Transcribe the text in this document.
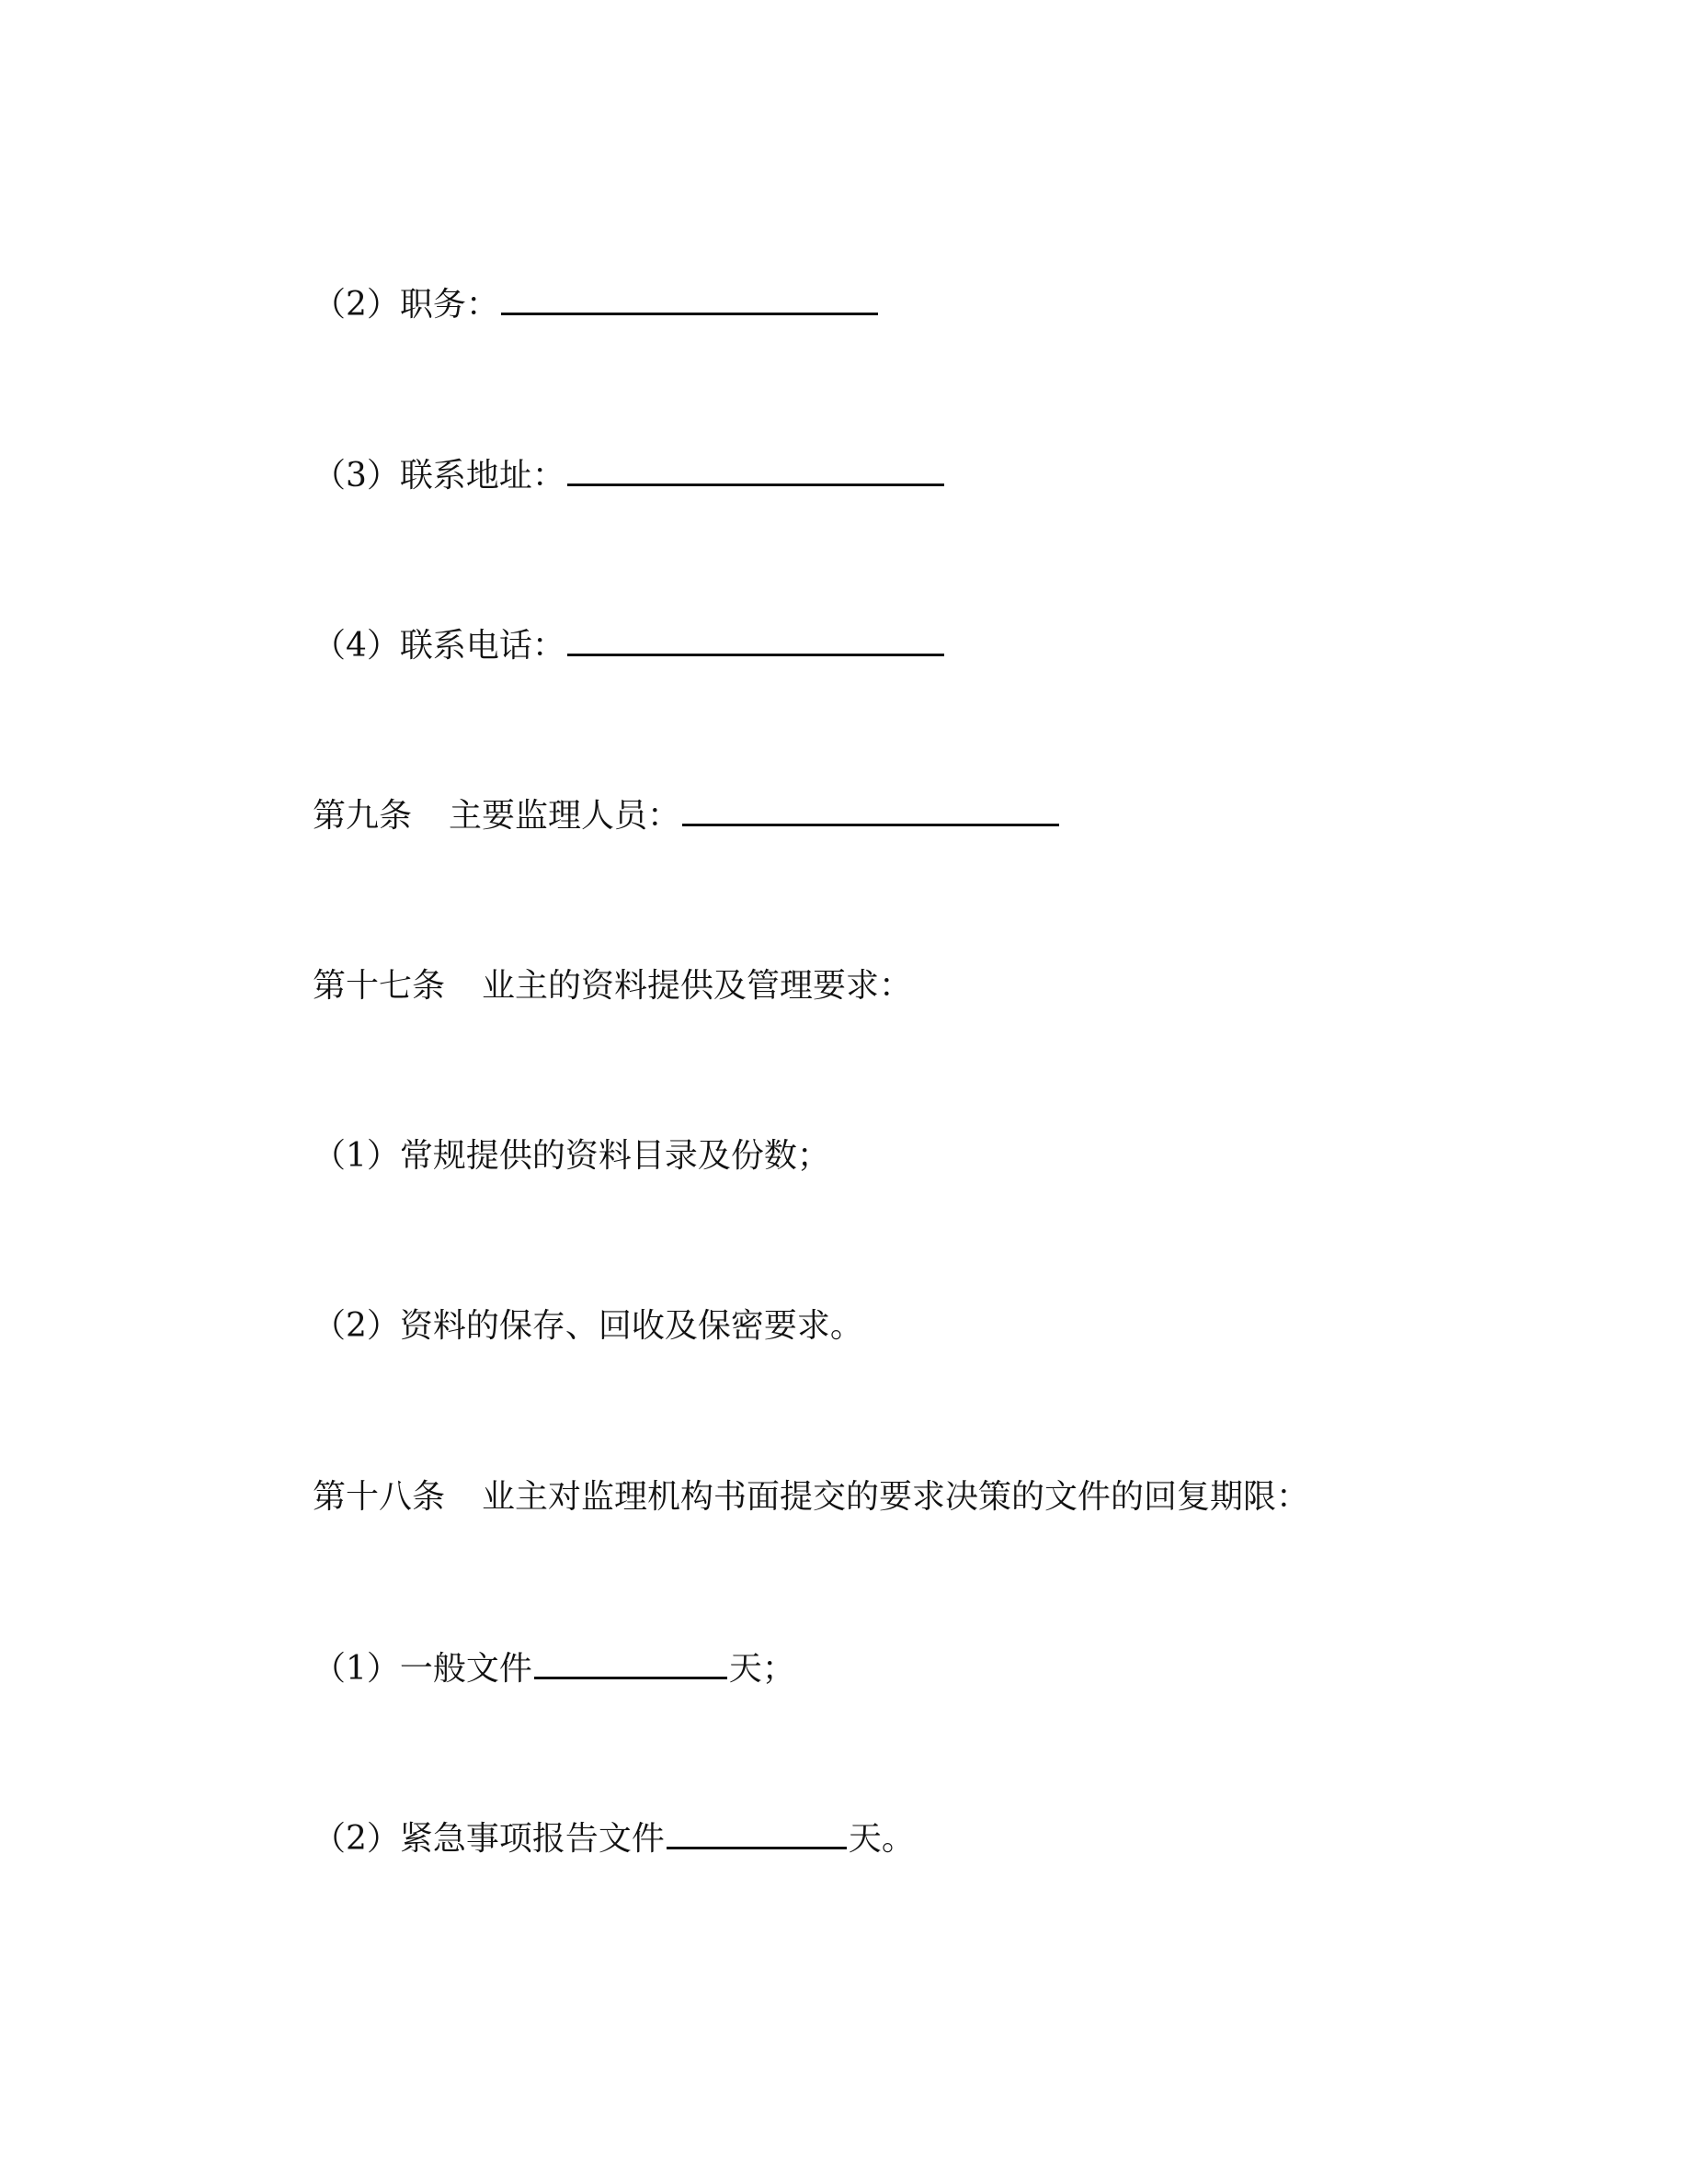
（2）职务：
（3）联系地址：
（4）联系电话：
第九条 主要监理人员：
第十七条 业主的资料提供及管理要求：
（1）常规提供的资料目录及份数；
（2）资料的保存、回收及保密要求。
第十八条 业主对监理机构书面提交的要求决策的文件的回复期限：
（1）一般文件	天；
（2）紧急事项报告文件	天。
